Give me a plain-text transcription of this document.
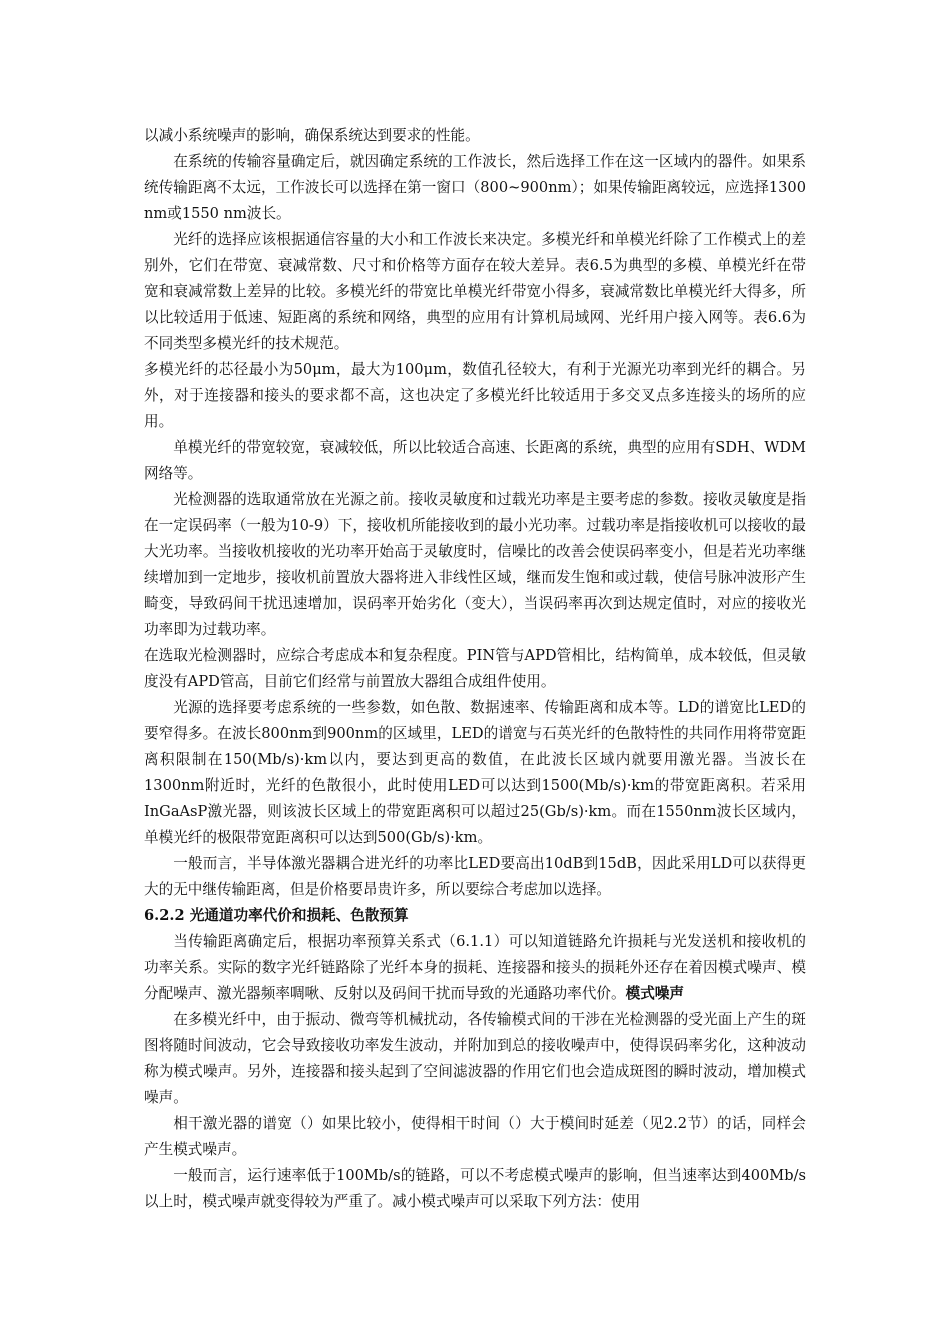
以减小系统噪声的影响，确保系统达到要求的性能。

在系统的传输容量确定后，就因确定系统的工作波长，然后选择工作在这一区域内的器件。如果系统传输距离不太远，工作波长可以选择在第一窗口（800~900nm）；如果传输距离较远，应选择1300 nm或1550 nm波长。

光纤的选择应该根据通信容量的大小和工作波长来决定。多模光纤和单模光纤除了工作模式上的差别外，它们在带宽、衰减常数、尺寸和价格等方面存在较大差异。表6.5为典型的多模、单模光纤在带宽和衰减常数上差异的比较。多模光纤的带宽比单模光纤带宽小得多，衰减常数比单模光纤大得多，所以比较适用于低速、短距离的系统和网络，典型的应用有计算机局域网、光纤用户接入网等。表6.6为不同类型多模光纤的技术规范。

多模光纤的芯径最小为50μm，最大为100μm，数值孔径较大，有利于光源光功率到光纤的耦合。另外，对于连接器和接头的要求都不高，这也决定了多模光纤比较适用于多交叉点多连接头的场所的应用。

单模光纤的带宽较宽，衰减较低，所以比较适合高速、长距离的系统，典型的应用有SDH、WDM网络等。

光检测器的选取通常放在光源之前。接收灵敏度和过载光功率是主要考虑的参数。接收灵敏度是指在一定误码率（一般为10-9）下，接收机所能接收到的最小光功率。过载功率是指接收机可以接收的最大光功率。当接收机接收的光功率开始高于灵敏度时，信噪比的改善会使误码率变小，但是若光功率继续增加到一定地步，接收机前置放大器将进入非线性区域，继而发生饱和或过载，使信号脉冲波形产生畸变，导致码间干扰迅速增加，误码率开始劣化（变大），当误码率再次到达规定值时，对应的接收光功率即为过载功率。

在选取光检测器时，应综合考虑成本和复杂程度。PIN管与APD管相比，结构简单，成本较低，但灵敏度没有APD管高，目前它们经常与前置放大器组合成组件使用。

光源的选择要考虑系统的一些参数，如色散、数据速率、传输距离和成本等。LD的谱宽比LED的要窄得多。在波长800nm到900nm的区域里，LED的谱宽与石英光纤的色散特性的共同作用将带宽距离积限制在150(Mb/s)·km以内，要达到更高的数值，在此波长区域内就要用激光器。当波长在1300nm附近时，光纤的色散很小，此时使用LED可以达到1500(Mb/s)·km的带宽距离积。若采用InGaAsP激光器，则该波长区域上的带宽距离积可以超过25(Gb/s)·km。而在1550nm波长区域内，单模光纤的极限带宽距离积可以达到500(Gb/s)·km。

一般而言，半导体激光器耦合进光纤的功率比LED要高出10dB到15dB，因此采用LD可以获得更大的无中继传输距离，但是价格要昂贵许多，所以要综合考虑加以选择。

6.2.2 光通道功率代价和损耗、色散预算

当传输距离确定后，根据功率预算关系式（6.1.1）可以知道链路允许损耗与光发送机和接收机的功率关系。实际的数字光纤链路除了光纤本身的损耗、连接器和接头的损耗外还存在着因模式噪声、模分配噪声、激光器频率啁啾、反射以及码间干扰而导致的光通路功率代价。模式噪声

在多模光纤中，由于振动、微弯等机械扰动，各传输模式间的干涉在光检测器的受光面上产生的斑图将随时间波动，它会导致接收功率发生波动，并附加到总的接收噪声中，使得误码率劣化，这种波动称为模式噪声。另外，连接器和接头起到了空间滤波器的作用它们也会造成斑图的瞬时波动，增加模式噪声。

相干激光器的谱宽（）如果比较小，使得相干时间（）大于模间时延差（见2.2节）的话，同样会产生模式噪声。

一般而言，运行速率低于100Mb/s的链路，可以不考虑模式噪声的影响，但当速率达到400Mb/s以上时，模式噪声就变得较为严重了。减小模式噪声可以采取下列方法：使用
